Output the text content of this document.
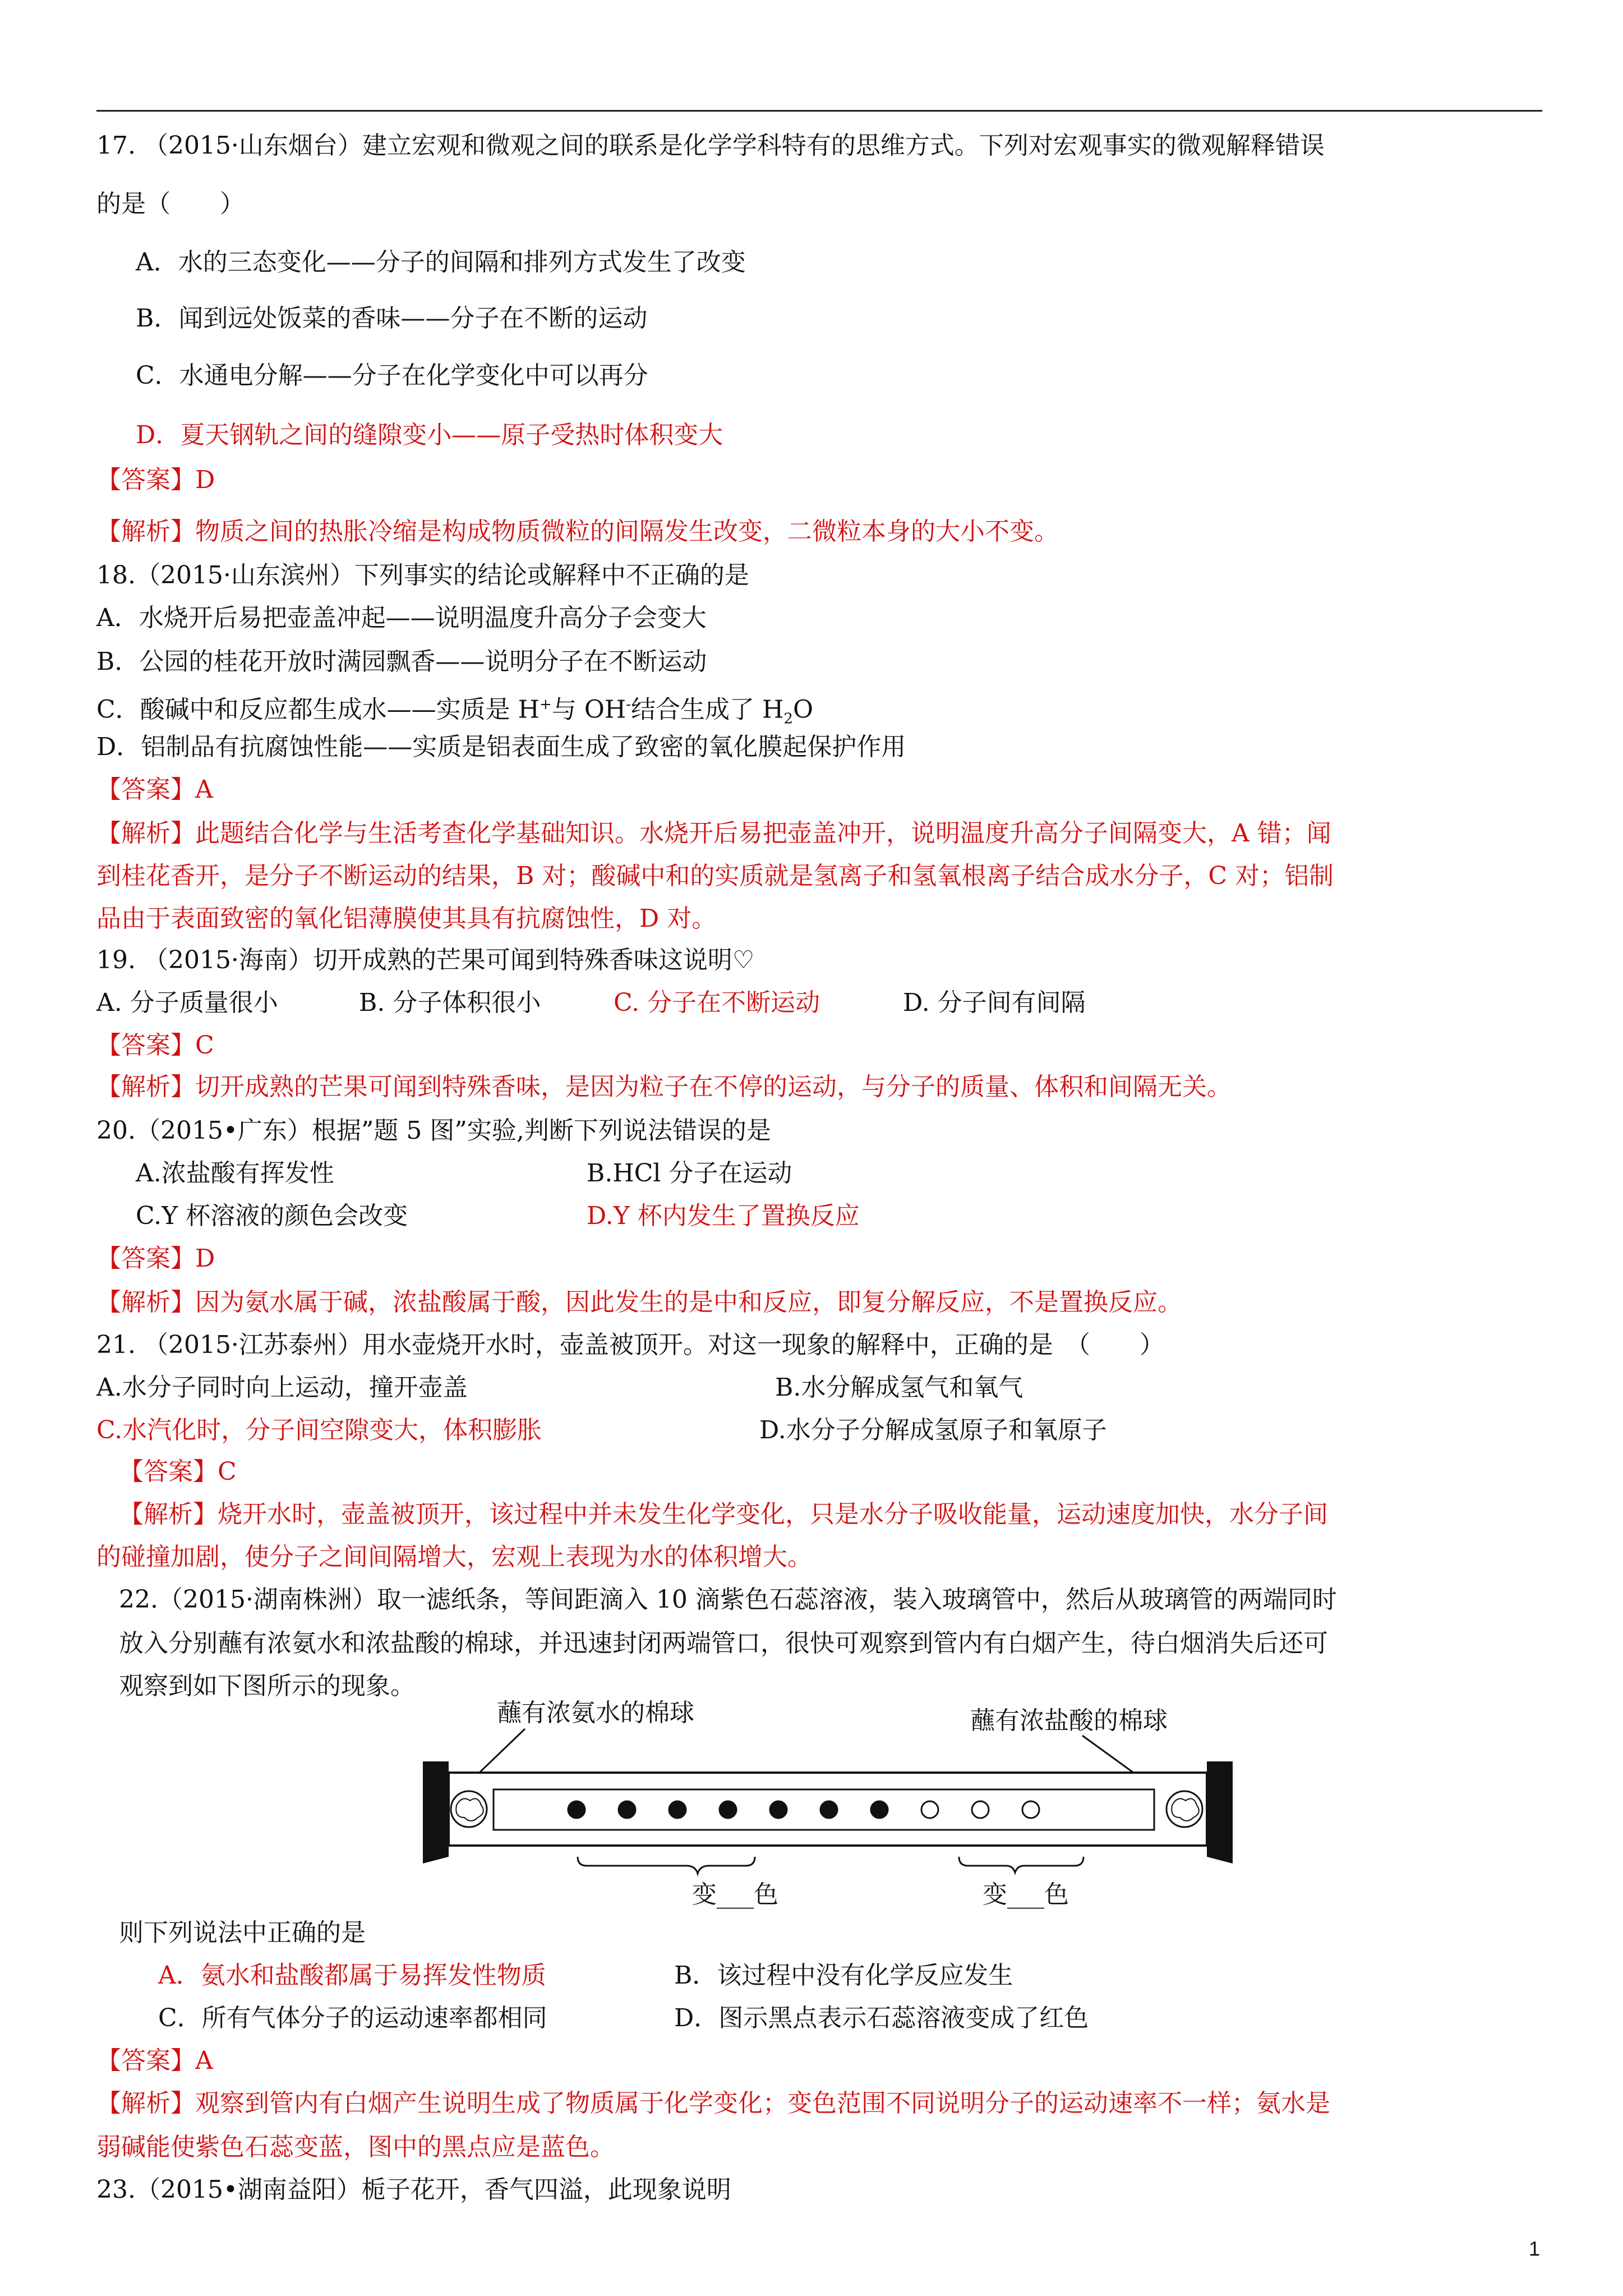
17. （2015·山东烟台）建立宏观和微观之间的联系是化学学科特有的思维方式。下列对宏观事实的微观解释错误
的是（　　）
A．水的三态变化——分子的间隔和排列方式发生了改变
B．闻到远处饭菜的香味——分子在不断的运动
C．水通电分解——分子在化学变化中可以再分
D．夏天钢轨之间的缝隙变小——原子受热时体积变大
【答案】D
【解析】物质之间的热胀冷缩是构成物质微粒的间隔发生改变，二微粒本身的大小不变。
18.（2015·山东滨州）下列事实的结论或解释中不正确的是
A．水烧开后易把壶盖冲起——说明温度升高分子会变大
B．公园的桂花开放时满园飘香——说明分子在不断运动
C．酸碱中和反应都生成水——实质是 H+与 OH-结合生成了 $H_2O$
D．铝制品有抗腐蚀性能——实质是铝表面生成了致密的氧化膜起保护作用
【答案】A
【解析】此题结合化学与生活考查化学基础知识。水烧开后易把壶盖冲开，说明温度升高分子间隔变大，A 错；闻
到桂花香开，是分子不断运动的结果，B 对；酸碱中和的实质就是氢离子和氢氧根离子结合成水分子，C 对；铝制
品由于表面致密的氧化铝薄膜使其具有抗腐蚀性，D 对。
19. （2015·海南）切开成熟的芒果可闻到特殊香味这说明♡
A. 分子质量很小	B. 分子体积很小	C. 分子在不断运动	D. 分子间有间隔
【答案】C
【解析】切开成熟的芒果可闻到特殊香味，是因为粒子在不停的运动，与分子的质量、体积和间隔无关。
20.（2015•广东）根据”题 5 图”实验,判断下列说法错误的是
A.浓盐酸有挥发性	B.HCl 分子在运动
C.Y 杯溶液的颜色会改变	D.Y 杯内发生了置换反应
【答案】D
【解析】因为氨水属于碱，浓盐酸属于酸，因此发生的是中和反应，即复分解反应，不是置换反应。
21. （2015·江苏泰州）用水壶烧开水时，壶盖被顶开。对这一现象的解释中，正确的是　（　　）
A.水分子同时向上运动，撞开壶盖	B.水分解成氢气和氧气
C.水汽化时，分子间空隙变大，体积膨胀	D.水分子分解成氢原子和氧原子
【答案】C
【解析】烧开水时，壶盖被顶开，该过程中并未发生化学变化，只是水分子吸收能量，运动速度加快，水分子间
的碰撞加剧，使分子之间间隔增大，宏观上表现为水的体积增大。
22.（2015·湖南株洲）取一滤纸条，等间距滴入 10 滴紫色石蕊溶液，装入玻璃管中，然后从玻璃管的两端同时
放入分别蘸有浓氨水和浓盐酸的棉球，并迅速封闭两端管口，很快可观察到管内有白烟产生，待白烟消失后还可
观察到如下图所示的现象。
蘸有浓氨水的棉球	蘸有浓盐酸的棉球
变___色	变___色
则下列说法中正确的是
A．氨水和盐酸都属于易挥发性物质	B．该过程中没有化学反应发生
C．所有气体分子的运动速率都相同	D．图示黑点表示石蕊溶液变成了红色
【答案】A
【解析】观察到管内有白烟产生说明生成了物质属于化学变化；变色范围不同说明分子的运动速率不一样；氨水是
弱碱能使紫色石蕊变蓝，图中的黑点应是蓝色。
23.（2015•湖南益阳）栀子花开，香气四溢，此现象说明
1
